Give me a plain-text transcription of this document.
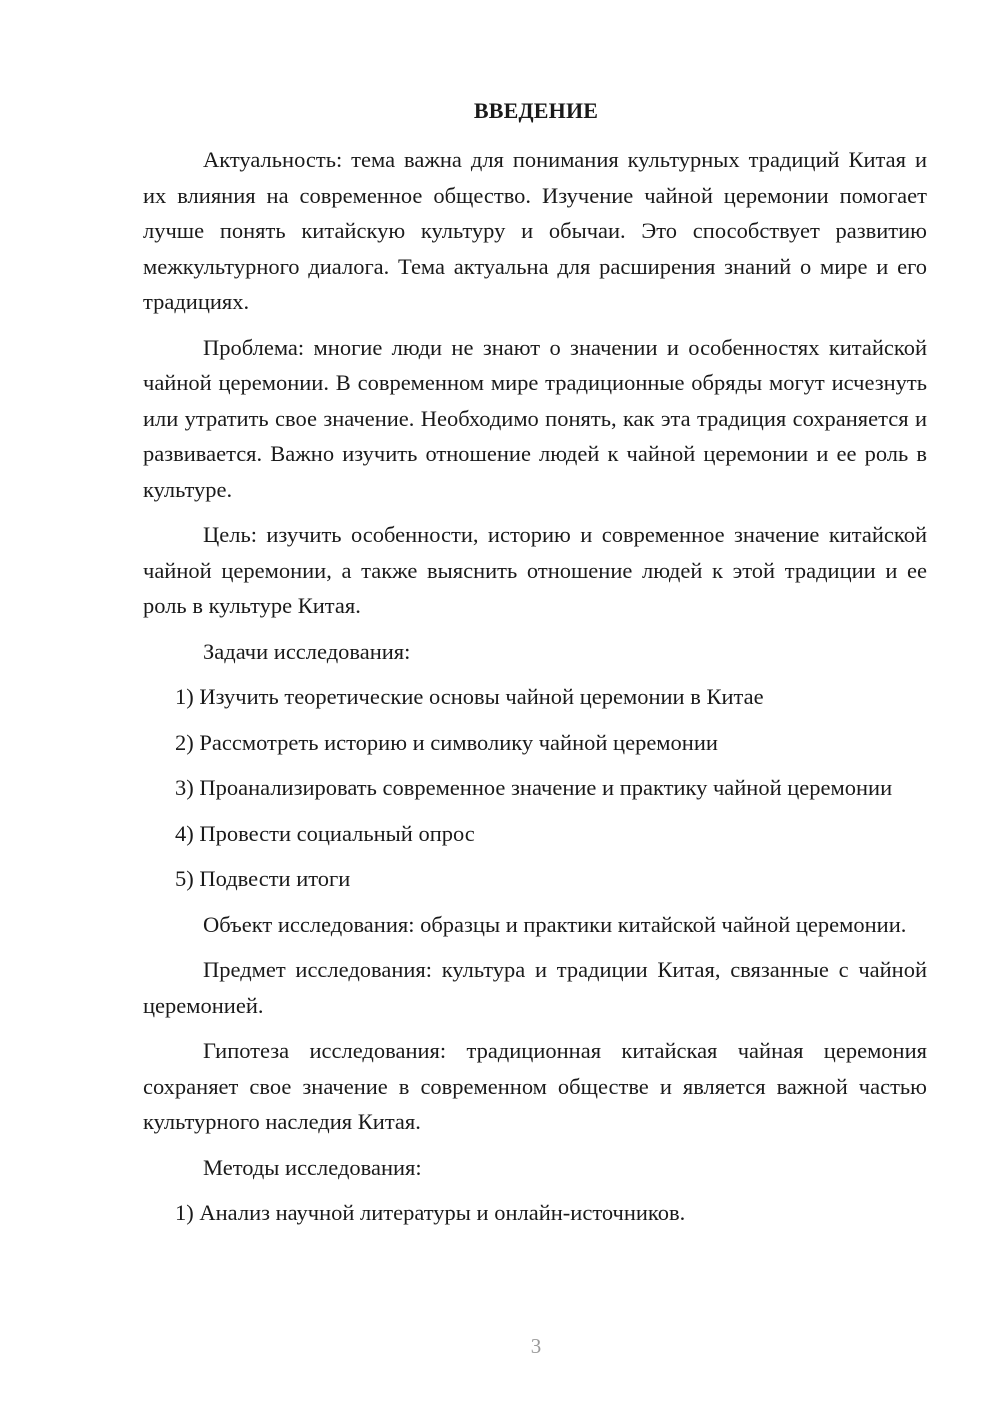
ВВЕДЕНИЕ

Актуальность: тема важна для понимания культурных традиций Китая и их влияния на современное общество. Изучение чайной церемонии помогает лучше понять китайскую культуру и обычаи. Это способствует развитию межкультурного диалога. Тема актуальна для расширения знаний о мире и его традициях.

Проблема: многие люди не знают о значении и особенностях китайской чайной церемонии. В современном мире традиционные обряды могут исчезнуть или утратить свое значение. Необходимо понять, как эта традиция сохраняется и развивается. Важно изучить отношение людей к чайной церемонии и ее роль в культуре.

Цель: изучить особенности, историю и современное значение китайской чайной церемонии, а также выяснить отношение людей к этой традиции и ее роль в культуре Китая.

Задачи исследования:

1) Изучить теоретические основы чайной церемонии в Китае

2) Рассмотреть историю и символику чайной церемонии

3) Проанализировать современное значение и практику чайной церемонии

4) Провести социальный опрос

5) Подвести итоги

Объект исследования: образцы и практики китайской чайной церемонии.

Предмет исследования: культура и традиции Китая, связанные с чайной церемонией.

Гипотеза исследования: традиционная китайская чайная церемония сохраняет свое значение в современном обществе и является важной частью культурного наследия Китая.

Методы исследования:

1) Анализ научной литературы и онлайн-источников.

3
